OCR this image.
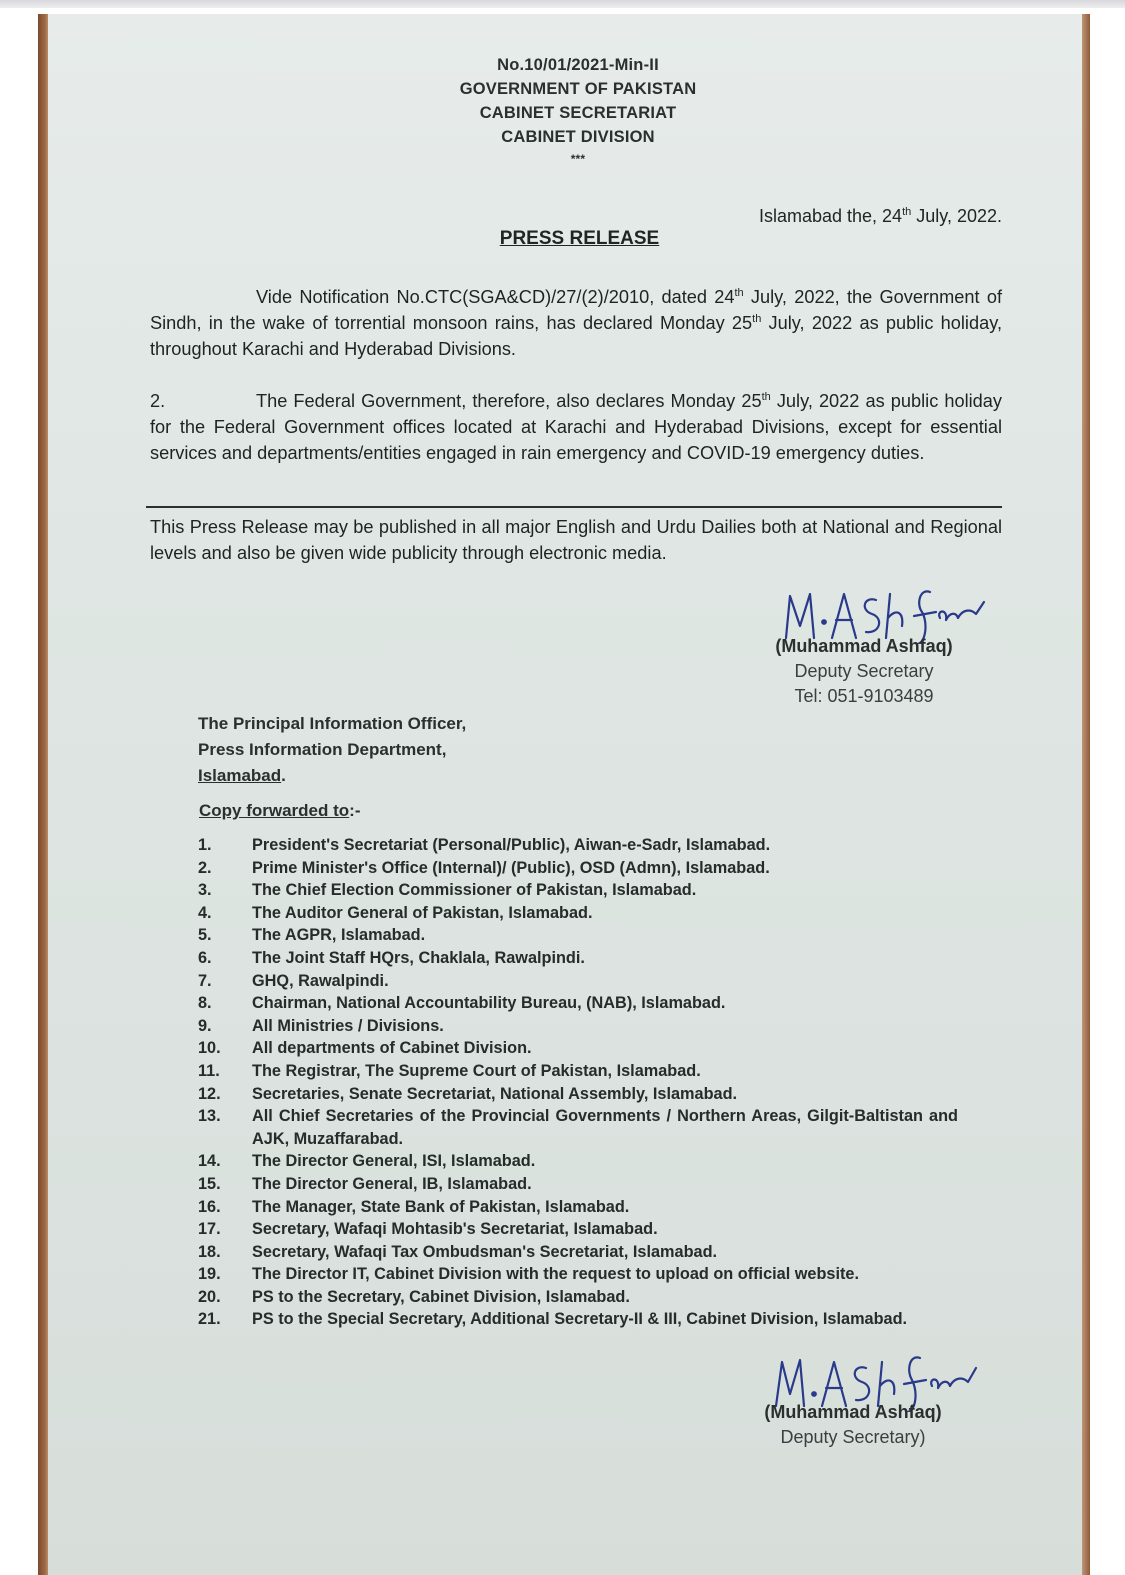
No.10/01/2021-Min-II
GOVERNMENT OF PAKISTAN
CABINET SECRETARIAT
CABINET DIVISION
***
Islamabad the, 24th July, 2022.
PRESS RELEASE

Vide Notification No.CTC(SGA&CD)/27/(2)/2010, dated 24th July, 2022, the Government of Sindh, in the wake of torrential monsoon rains, has declared Monday 25th July, 2022 as public holiday, throughout Karachi and Hyderabad Divisions.

2.	The Federal Government, therefore, also declares Monday 25th July, 2022 as public holiday for the Federal Government offices located at Karachi and Hyderabad Divisions, except for essential services and departments/entities engaged in rain emergency and COVID-19 emergency duties.

This Press Release may be published in all major English and Urdu Dailies both at National and Regional levels and also be given wide publicity through electronic media.

(Muhammad Ashfaq)
Deputy Secretary
Tel: 051-9103489
The Principal Information Officer,
Press Information Department,
Islamabad.
Copy forwarded to:-
1.	President's Secretariat (Personal/Public), Aiwan-e-Sadr, Islamabad.
2.	Prime Minister's Office (Internal)/ (Public), OSD (Admn), Islamabad.
3.	The Chief Election Commissioner of Pakistan, Islamabad.
4.	The Auditor General of Pakistan, Islamabad.
5.	The AGPR, Islamabad.
6.	The Joint Staff HQrs, Chaklala, Rawalpindi.
7.	GHQ, Rawalpindi.
8.	Chairman, National Accountability Bureau, (NAB), Islamabad.
9.	All Ministries / Divisions.
10.	All departments of Cabinet Division.
11.	The Registrar, The Supreme Court of Pakistan, Islamabad.
12.	Secretaries, Senate Secretariat, National Assembly, Islamabad.
13.	All Chief Secretaries of the Provincial Governments / Northern Areas, Gilgit-Baltistan and AJK, Muzaffarabad.
14.	The Director General, ISI, Islamabad.
15.	The Director General, IB, Islamabad.
16.	The Manager, State Bank of Pakistan, Islamabad.
17.	Secretary, Wafaqi Mohtasib's Secretariat, Islamabad.
18.	Secretary, Wafaqi Tax Ombudsman's Secretariat, Islamabad.
19.	The Director IT, Cabinet Division with the request to upload on official website.
20.	PS to the Secretary, Cabinet Division, Islamabad.
21.	PS to the Special Secretary, Additional Secretary-II & III, Cabinet Division, Islamabad.
(Muhammad Ashfaq)
Deputy Secretary)
